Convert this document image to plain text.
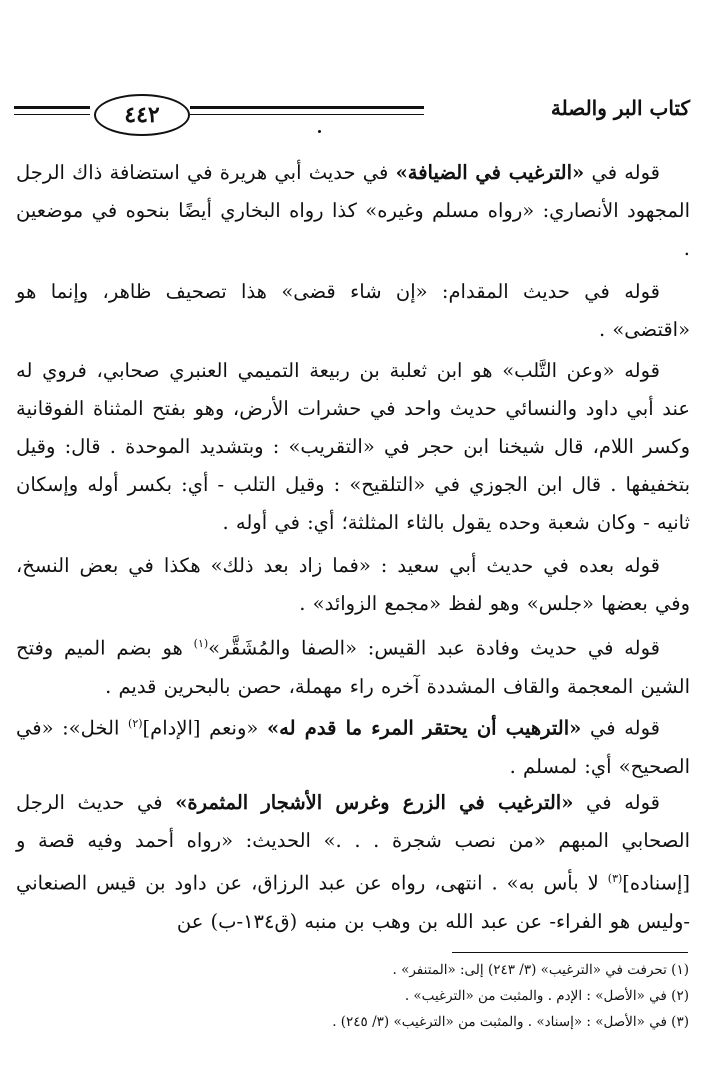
٤٤٢	كتاب البر والصلة
قوله في «الترغيب في الضيافة» في حديث أبي هريرة في استضافة ذاك الرجل المجهود الأنصاري: «رواه مسلم وغيره» كذا رواه البخاري أيضًا بنحوه في موضعين .
قوله في حديث المقدام: «إن شاء قضى» هذا تصحيف ظاهر، وإنما هو «اقتضى» .
قوله «وعن التَّلب» هو ابن ثعلبة بن ربيعة التميمي العنبري صحابي، فروي له عند أبي داود والنسائي حديث واحد في حشرات الأرض، وهو بفتح المثناة الفوقانية وكسر اللام، قال شيخنا ابن حجر في «التقريب» : وبتشديد الموحدة . قال: وقيل بتخفيفها . قال ابن الجوزي في «التلقيح» : وقيل التلب - أي: بكسر أوله وإسكان ثانيه - وكان شعبة وحده يقول بالثاء المثلثة؛ أي: في أوله .
قوله بعده في حديث أبي سعيد : «فما زاد بعد ذلك» هكذا في بعض النسخ، وفي بعضها «جلس» وهو لفظ «مجمع الزوائد» .
قوله في حديث وفادة عبد القيس: «الصفا والمُشَقَّر»$^{(١)}$ هو بضم الميم وفتح الشين المعجمة والقاف المشددة آخره راء مهملة، حصن بالبحرين قديم .
قوله في «الترهيب أن يحتقر المرء ما قدم له» «ونعم [الإدام]$^{(٢)}$ الخل»: «في الصحيح» أي: لمسلم .
قوله في «الترغيب في الزرع وغرس الأشجار المثمرة» في حديث الرجل الصحابي المبهم «من نصب شجرة . . .» الحديث: «رواه أحمد وفيه قصة و [إسناده]$^{(٣)}$ لا بأس به» . انتهى، رواه عن عبد الرزاق، عن داود بن قيس الصنعاني -وليس هو الفراء- عن عبد الله بن وهب بن منبه (ق١٣٤-ب) عن
(١) تحرفت في «الترغيب» (٣/ ٢٤٣) إلى: «المتنفر» .
(٢) في «الأصل» : الإدم . والمثبت من «الترغيب» .
(٣) في «الأصل» : «إسناد» . والمثبت من «الترغيب» (٣/ ٢٤٥) .
